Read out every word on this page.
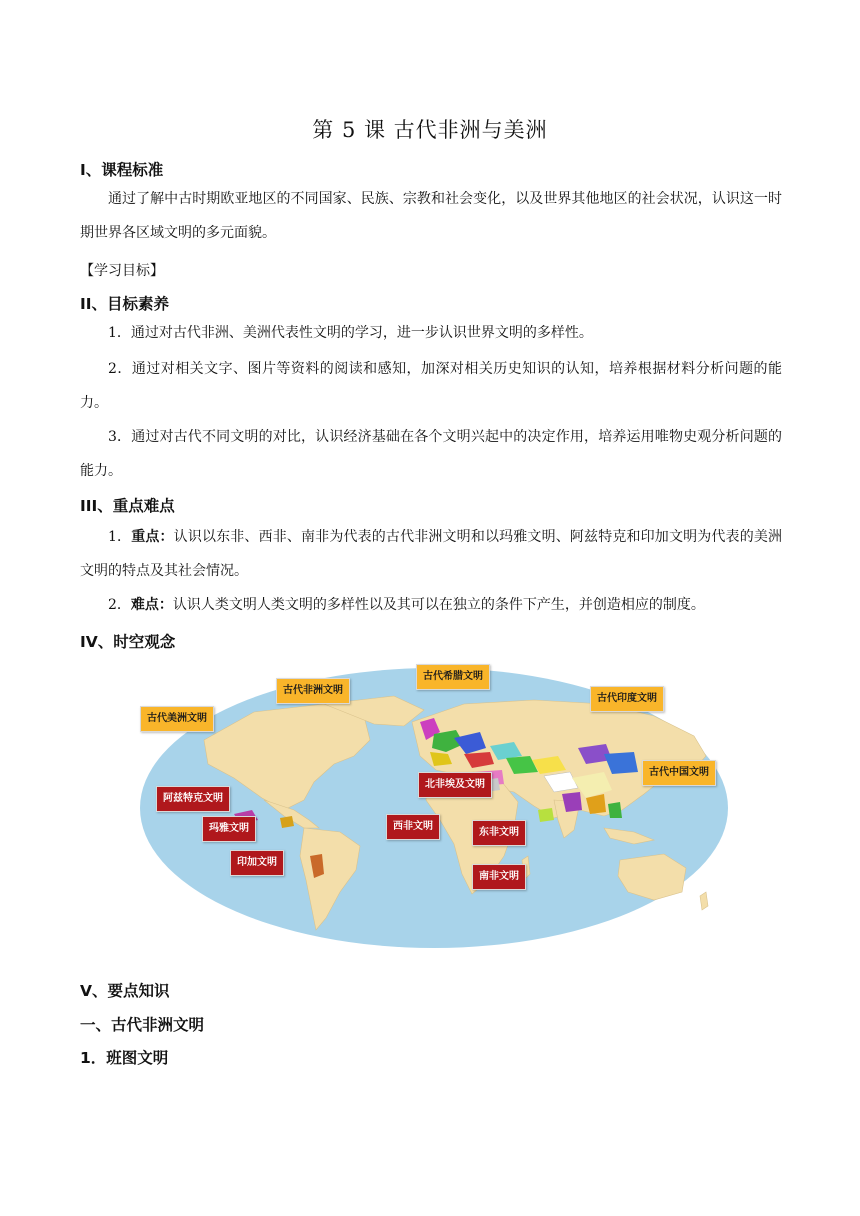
第 5 课 古代非洲与美洲
I、课程标准
通过了解中古时期欧亚地区的不同国家、民族、宗教和社会变化，以及世界其他地区的社会状况，认识这一时期世界各区域文明的多元面貌。
【学习目标】
II、目标素养
1．通过对古代非洲、美洲代表性文明的学习，进一步认识世界文明的多样性。
2．通过对相关文字、图片等资料的阅读和感知，加深对相关历史知识的认知，培养根据材料分析问题的能力。
3．通过对古代不同文明的对比，认识经济基础在各个文明兴起中的决定作用，培养运用唯物史观分析问题的能力。
III、重点难点
1．重点：认识以东非、西非、南非为代表的古代非洲文明和以玛雅文明、阿兹特克和印加文明为代表的美洲文明的特点及其社会情况。
2．难点：认识人类文明人类文明的多样性以及其可以在独立的条件下产生，并创造相应的制度。
IV、时空观念
古代希腊文明
古代非洲文明
古代印度文明
古代美洲文明
古代中国文明
北非埃及文明
阿兹特克文明
玛雅文明	西非文明
东非文明
印加文明
南非文明
V、要点知识
一、古代非洲文明
1．班图文明
